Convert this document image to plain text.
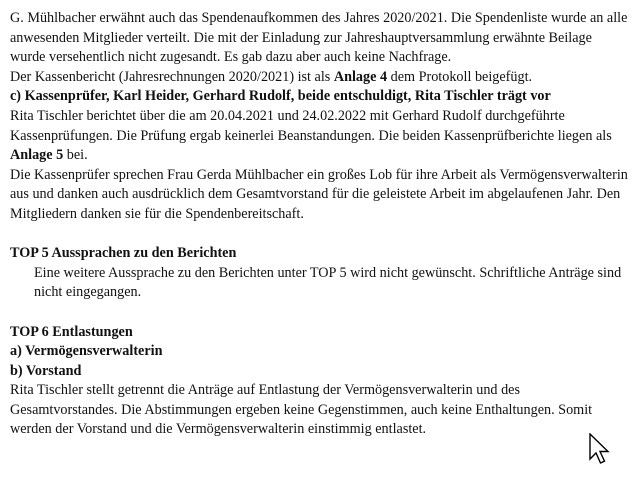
G. Mühlbacher erwähnt auch das Spendenaufkommen des Jahres 2020/2021. Die Spendenliste wurde an alle anwesenden Mitglieder verteilt. Die mit der Einladung zur Jahreshauptversammlung erwähnte Beilage wurde versehentlich nicht zugesandt. Es gab dazu aber auch keine Nachfrage.

Der Kassenbericht (Jahresrechnungen 2020/2021) ist als Anlage 4 dem Protokoll beigefügt.

c) Kassenprüfer, Karl Heider, Gerhard Rudolf, beide entschuldigt, Rita Tischler trägt vor

Rita Tischler berichtet über die am 20.04.2021 und 24.02.2022 mit Gerhard Rudolf durchgeführte Kassenprüfungen. Die Prüfung ergab keinerlei Beanstandungen. Die beiden Kassenprüfberichte liegen als Anlage 5 bei.

Die Kassenprüfer sprechen Frau Gerda Mühlbacher ein großes Lob für ihre Arbeit als Vermögensverwalterin aus und danken auch ausdrücklich dem Gesamtvorstand für die geleistete Arbeit im abgelaufenen Jahr. Den Mitgliedern danken sie für die Spendenbereitschaft.

TOP 5 Aussprachen zu den Berichten

Eine weitere Aussprache zu den Berichten unter TOP 5 wird nicht gewünscht. Schriftliche Anträge sind nicht eingegangen.

TOP 6 Entlastungen

a) Vermögensverwalterin

b) Vorstand

Rita Tischler stellt getrennt die Anträge auf Entlastung der Vermögensverwalterin und des Gesamtvorstandes. Die Abstimmungen ergeben keine Gegenstimmen, auch keine Enthaltungen. Somit werden der Vorstand und die Vermögensverwalterin einstimmig entlastet.
